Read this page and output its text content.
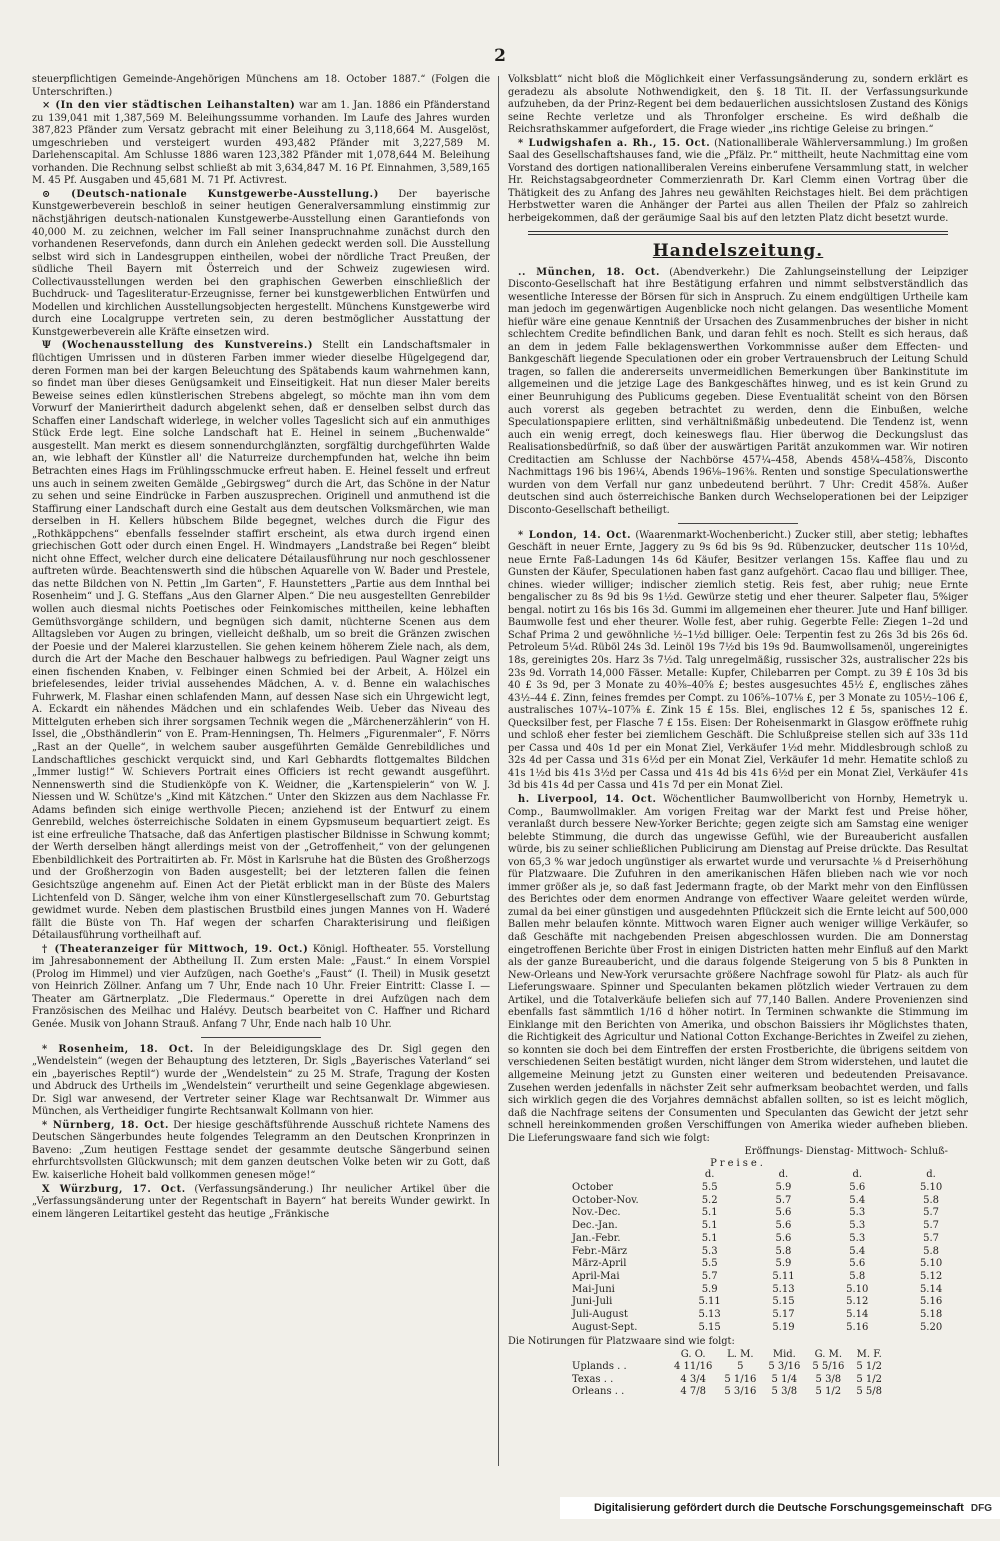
2

steuerpflichtigen Gemeinde-Angehörigen Münchens am 18. October 1887.“ (Folgen die Unterschriften.)

× (In den vier städtischen Leihanstalten) war am 1. Jan. 1886 ein Pfänderstand zu 139,041 mit 1,387,569 M. Beleihungssumme vorhanden. Im Laufe des Jahres wurden 387,823 Pfänder zum Versatz gebracht mit einer Beleihung zu 3,118,664 M. Ausgelöst, umgeschrieben und versteigert wurden 493,482 Pfänder mit 3,227,589 M. Darlehenscapital. Am Schlusse 1886 waren 123,382 Pfänder mit 1,078,644 M. Beleihung vorhanden. Die Rechnung selbst schließt ab mit 3,634,847 M. 16 Pf. Einnahmen, 3,589,165 M. 45 Pf. Ausgaben und 45,681 M. 71 Pf. Activrest.

⊙ (Deutsch-nationale Kunstgewerbe-Ausstellung.) Der bayerische Kunstgewerbeverein beschloß in seiner heutigen Generalversammlung einstimmig zur nächstjährigen deutsch-nationalen Kunstgewerbe-Ausstellung einen Garantiefonds von 40,000 M. zu zeichnen, welcher im Fall seiner Inanspruchnahme zunächst durch den vorhandenen Reservefonds, dann durch ein Anlehen gedeckt werden soll. Die Ausstellung selbst wird sich in Landesgruppen eintheilen, wobei der nördliche Tract Preußen, der südliche Theil Bayern mit Österreich und der Schweiz zugewiesen wird. Collectivausstellungen werden bei den graphischen Gewerben einschließlich der Buchdruck- und Tagesliteratur-Erzeugnisse, ferner bei kunstgewerblichen Entwürfen und Modellen und kirchlichen Ausstellungsobjecten hergestellt. Münchens Kunstgewerbe wird durch eine Localgruppe vertreten sein, zu deren bestmöglicher Ausstattung der Kunstgewerbeverein alle Kräfte einsetzen wird.

Ψ (Wochenausstellung des Kunstvereins.) Stellt ein Landschaftsmaler in flüchtigen Umrissen und in düsteren Farben immer wieder dieselbe Hügelgegend dar, deren Formen man bei der kargen Beleuchtung des Spätabends kaum wahrnehmen kann, so findet man über dieses Genügsamkeit und Einseitigkeit. Hat nun dieser Maler bereits Beweise seines edlen künstlerischen Strebens abgelegt, so möchte man ihn vom dem Vorwurf der Manierirtheit dadurch abgelenkt sehen, daß er denselben selbst durch das Schaffen einer Landschaft widerlege, in welcher volles Tageslicht sich auf ein anmuthiges Stück Erde legt. Eine solche Landschaft hat E. Heinel in seinem „Buchenwalde“ ausgestellt. Man merkt es diesem sonnendurchglänzten, sorgfältig durchgeführten Walde an, wie lebhaft der Künstler all' die Naturreize durchempfunden hat, welche ihn beim Betrachten eines Hags im Frühlingsschmucke erfreut haben. E. Heinel fesselt und erfreut uns auch in seinem zweiten Gemälde „Gebirgsweg“ durch die Art, das Schöne in der Natur zu sehen und seine Eindrücke in Farben auszusprechen. Originell und anmuthend ist die Staffirung einer Landschaft durch eine Gestalt aus dem deutschen Volksmärchen, wie man derselben in H. Kellers hübschem Bilde begegnet, welches durch die Figur des „Rothkäppchens“ ebenfalls fesselnder staffirt erscheint, als etwa durch irgend einen griechischen Gott oder durch einen Engel. H. Windmayers „Landstraße bei Regen“ bleibt nicht ohne Effect, welcher durch eine delicatere Détailausführung nur noch geschlossener auftreten würde. Beachtenswerth sind die hübschen Aquarelle von W. Bader und Prestele, das nette Bildchen von N. Pettin „Im Garten“, F. Haunstetters „Partie aus dem Innthal bei Rosenheim“ und J. G. Steffans „Aus den Glarner Alpen.“ Die neu ausgestellten Genrebilder wollen auch diesmal nichts Poetisches oder Feinkomisches mittheilen, keine lebhaften Gemüthsvorgänge schildern, und begnügen sich damit, nüchterne Scenen aus dem Alltagsleben vor Augen zu bringen, vielleicht deßhalb, um so breit die Gränzen zwischen der Poesie und der Malerei klarzustellen. Sie gehen keinem höherem Ziele nach, als dem, durch die Art der Mache den Beschauer halbwegs zu befriedigen. Paul Wagner zeigt uns einen fischenden Knaben, v. Felbinger einen Schmied bei der Arbeit, A. Hölzel ein briefelesendes, leider trivial aussehendes Mädchen, A. v. d. Benne ein walachisches Fuhrwerk, M. Flashar einen schlafenden Mann, auf dessen Nase sich ein Uhrgewicht legt, A. Eckardt ein nähendes Mädchen und ein schlafendes Weib. Ueber das Niveau des Mittelguten erheben sich ihrer sorgsamen Technik wegen die „Märchenerzählerin“ von H. Issel, die „Obsthändlerin“ von E. Pram-Henningsen, Th. Helmers „Figurenmaler“, F. Nörrs „Rast an der Quelle“, in welchem sauber ausgeführten Gemälde Genrebildliches und Landschaftliches geschickt verquickt sind, und Karl Gebhardts flottgemaltes Bildchen „Immer lustig!“ W. Schievers Portrait eines Officiers ist recht gewandt ausgeführt. Nennenswerth sind die Studienköpfe von K. Weidner, die „Kartenspielerin“ von W. J. Niessen und W. Schütze's „Kind mit Kätzchen.“ Unter den Skizzen aus dem Nachlasse Fr. Adams befinden sich einige werthvolle Piecen; anziehend ist der Entwurf zu einem Genrebild, welches österreichische Soldaten in einem Gypsmuseum bequartiert zeigt. Es ist eine erfreuliche Thatsache, daß das Anfertigen plastischer Bildnisse in Schwung kommt; der Werth derselben hängt allerdings meist von der „Getroffenheit,“ von der gelungenen Ebenbildlichkeit des Portraitirten ab. Fr. Möst in Karlsruhe hat die Büsten des Großherzogs und der Großherzogin von Baden ausgestellt; bei der letzteren fallen die feinen Gesichtszüge angenehm auf. Einen Act der Pietät erblickt man in der Büste des Malers Lichtenfeld von D. Sänger, welche ihm von einer Künstlergesellschaft zum 70. Geburtstag gewidmet wurde. Neben dem plastischen Brustbild eines jungen Mannes von H. Waderé fällt die Büste von Th. Haf wegen der scharfen Charakterisirung und fleißigen Détailausführung vortheilhaft auf.

† (Theateranzeiger für Mittwoch, 19. Oct.) Königl. Hoftheater. 55. Vorstellung im Jahresabonnement der Abtheilung II. Zum ersten Male: „Faust.“ In einem Vorspiel (Prolog im Himmel) und vier Aufzügen, nach Goethe's „Faust“ (I. Theil) in Musik gesetzt von Heinrich Zöllner. Anfang um 7 Uhr, Ende nach 10 Uhr. Freier Eintritt: Classe I. — Theater am Gärtnerplatz. „Die Fledermaus.“ Operette in drei Aufzügen nach dem Französischen des Meilhac und Halévy. Deutsch bearbeitet von C. Haffner und Richard Genée. Musik von Johann Strauß. Anfang 7 Uhr, Ende nach halb 10 Uhr.

* Rosenheim, 18. Oct. In der Beleidigungsklage des Dr. Sigl gegen den „Wendelstein“ (wegen der Behauptung des letzteren, Dr. Sigls „Bayerisches Vaterland“ sei ein „bayerisches Reptil“) wurde der „Wendelstein“ zu 25 M. Strafe, Tragung der Kosten und Abdruck des Urtheils im „Wendelstein“ verurtheilt und seine Gegenklage abgewiesen. Dr. Sigl war anwesend, der Vertreter seiner Klage war Rechtsanwalt Dr. Wimmer aus München, als Vertheidiger fungirte Rechtsanwalt Kollmann von hier.

* Nürnberg, 18. Oct. Der hiesige geschäftsführende Ausschuß richtete Namens des Deutschen Sängerbundes heute folgendes Telegramm an den Deutschen Kronprinzen in Baveno: „Zum heutigen Festtage sendet der gesammte deutsche Sängerbund seinen ehrfurchtsvollsten Glückwunsch; mit dem ganzen deutschen Volke beten wir zu Gott, daß Ew. kaiserliche Hoheit bald vollkommen genesen möge!“

X Würzburg, 17. Oct. (Verfassungsänderung.) Ihr neulicher Artikel über die „Verfassungsänderung unter der Regentschaft in Bayern“ hat bereits Wunder gewirkt. In einem längeren Leitartikel gesteht das heutige „Fränkische

Volksblatt“ nicht bloß die Möglichkeit einer Verfassungsänderung zu, sondern erklärt es geradezu als absolute Nothwendigkeit, den §. 18 Tit. II. der Verfassungsurkunde aufzuheben, da der Prinz-Regent bei dem bedauerlichen aussichtslosen Zustand des Königs seine Rechte verletze und als Thronfolger erscheine. Es wird deßhalb die Reichsrathskammer aufgefordert, die Frage wieder „ins richtige Geleise zu bringen.“

* Ludwigshafen a. Rh., 15. Oct. (Nationalliberale Wählerversammlung.) Im großen Saal des Gesellschaftshauses fand, wie die „Pfälz. Pr.“ mittheilt, heute Nachmittag eine vom Vorstand des dortigen nationalliberalen Vereins einberufene Versammlung statt, in welcher Hr. Reichstagsabgeordneter Commerzienrath Dr. Karl Clemm einen Vortrag über die Thätigkeit des zu Anfang des Jahres neu gewählten Reichstages hielt. Bei dem prächtigen Herbstwetter waren die Anhänger der Partei aus allen Theilen der Pfalz so zahlreich herbeigekommen, daß der geräumige Saal bis auf den letzten Platz dicht besetzt wurde.

Handelszeitung.

.. München, 18. Oct. (Abendverkehr.) Die Zahlungseinstellung der Leipziger Disconto-Gesellschaft hat ihre Bestätigung erfahren und nimmt selbstverständlich das wesentliche Interesse der Börsen für sich in Anspruch. Zu einem endgültigen Urtheile kam man jedoch im gegenwärtigen Augenblicke noch nicht gelangen. Das wesentliche Moment hiefür wäre eine genaue Kenntniß der Ursachen des Zusammenbruches der bisher in nicht schlechtem Credite befindlichen Bank, und daran fehlt es noch. Stellt es sich heraus, daß an dem in jedem Falle beklagenswerthen Vorkommnisse außer dem Effecten- und Bankgeschäft liegende Speculationen oder ein grober Vertrauensbruch der Leitung Schuld tragen, so fallen die andererseits unvermeidlichen Bemerkungen über Bankinstitute im allgemeinen und die jetzige Lage des Bankgeschäftes hinweg, und es ist kein Grund zu einer Beunruhigung des Publicums gegeben. Diese Eventualität scheint von den Börsen auch vorerst als gegeben betrachtet zu werden, denn die Einbußen, welche Speculationspapiere erlitten, sind verhältnißmäßig unbedeutend. Die Tendenz ist, wenn auch ein wenig erregt, doch keineswegs flau. Hier überwog die Deckungslust das Realisationsbedürfniß, so daß über der auswärtigen Parität anzukommen war. Wir notiren Creditactien am Schlusse der Nachbörse 457¼–458, Abends 458¼–458⅞, Disconto Nachmittags 196 bis 196¼, Abends 196⅛–196⅜. Renten und sonstige Speculationswerthe wurden von dem Verfall nur ganz unbedeutend berührt. 7 Uhr: Credit 458⅞. Außer deutschen sind auch österreichische Banken durch Wechseloperationen bei der Leipziger Disconto-Gesellschaft betheiligt.

* London, 14. Oct. (Waarenmarkt-Wochenbericht.) Zucker still, aber stetig; lebhaftes Geschäft in neuer Ernte, Jaggery zu 9s 6d bis 9s 9d. Rübenzucker, deutscher 11s 10½d, neue Ernte Faß-Ladungen 14s 6d Käufer, Besitzer verlangen 15s. Kaffee flau und zu Gunsten der Käufer, Speculationen haben fast ganz aufgehört. Cacao flau und billiger. Thee, chines. wieder williger; indischer ziemlich stetig. Reis fest, aber ruhig; neue Ernte bengalischer zu 8s 9d bis 9s 1½d. Gewürze stetig und eher theurer. Salpeter flau, 5%iger bengal. notirt zu 16s bis 16s 3d. Gummi im allgemeinen eher theurer. Jute und Hanf billiger. Baumwolle fest und eher theurer. Wolle fest, aber ruhig. Gegerbte Felle: Ziegen 1–2d und Schaf Prima 2 und gewöhnliche ½–1½d billiger. Oele: Terpentin fest zu 26s 3d bis 26s 6d. Petroleum 5¼d. Rüböl 24s 3d. Leinöl 19s 7½d bis 19s 9d. Baumwollsamenöl, ungereinigtes 18s, gereinigtes 20s. Harz 3s 7½d. Talg unregelmäßig, russischer 32s, australischer 22s bis 23s 9d. Vorrath 14,000 Fässer. Metalle: Kupfer, Chilebarren per Compt. zu 39 £ 10s 3d bis 40 £ 3s 9d, per 3 Monate zu 40⅜–40⅝ £; bestes ausgesuchtes 45½ £, englisches zähes 43½–44 £. Zinn, feines fremdes per Compt. zu 106⅝–107⅛ £, per 3 Monate zu 105½–106 £, australisches 107¼–107⅝ £. Zink 15 £ 15s. Blei, englisches 12 £ 5s, spanisches 12 £. Quecksilber fest, per Flasche 7 £ 15s. Eisen: Der Roheisenmarkt in Glasgow eröffnete ruhig und schloß eher fester bei ziemlichem Geschäft. Die Schlußpreise stellen sich auf 33s 11d per Cassa und 40s 1d per ein Monat Ziel, Verkäufer 1½d mehr. Middlesbrough schloß zu 32s 4d per Cassa und 31s 6½d per ein Monat Ziel, Verkäufer 1d mehr. Hematite schloß zu 41s 1½d bis 41s 3½d per Cassa und 41s 4d bis 41s 6½d per ein Monat Ziel, Verkäufer 41s 3d bis 41s 4d per Cassa und 41s 7d per ein Monat Ziel.

h. Liverpool, 14. Oct. Wöchentlicher Baumwollbericht von Hornby, Hemetryk u. Comp., Baumwollmakler. Am vorigen Freitag war der Markt fest und Preise höher, veranlaßt durch bessere New-Yorker Berichte; gegen zeigte sich am Samstag eine weniger belebte Stimmung, die durch das ungewisse Gefühl, wie der Bureaubericht ausfallen würde, bis zu seiner schließlichen Publicirung am Dienstag auf Preise drückte. Das Resultat von 65,3 % war jedoch ungünstiger als erwartet wurde und verursachte ⅛ d Preiserhöhung für Platzwaare. Die Zufuhren in den amerikanischen Häfen blieben nach wie vor noch immer größer als je, so daß fast Jedermann fragte, ob der Markt mehr von den Einflüssen des Berichtes oder dem enormen Andrange von effectiver Waare geleitet werden würde, zumal da bei einer günstigen und ausgedehnten Pflückzeit sich die Ernte leicht auf 500,000 Ballen mehr belaufen könnte. Mittwoch waren Eigner auch weniger willige Verkäufer, so daß Geschäfte mit nachgebenden Preisen abgeschlossen wurden. Die am Donnerstag eingetroffenen Berichte über Frost in einigen Districten hatten mehr Einfluß auf den Markt als der ganze Bureaubericht, und die daraus folgende Steigerung von 5 bis 8 Punkten in New-Orleans und New-York verursachte größere Nachfrage sowohl für Platz- als auch für Lieferungswaare. Spinner und Speculanten bekamen plötzlich wieder Vertrauen zu dem Artikel, und die Totalverkäufe beliefen sich auf 77,140 Ballen. Andere Provenienzen sind ebenfalls fast sämmtlich 1/16 d höher notirt. In Terminen schwankte die Stimmung im Einklange mit den Berichten von Amerika, und obschon Baissiers ihr Möglichstes thaten, die Richtigkeit des Agricultur und National Cotton Exchange-Berichtes in Zweifel zu ziehen, so konnten sie doch bei dem Eintreffen der ersten Frostberichte, die übrigens seitdem von verschiedenen Seiten bestätigt wurden, nicht länger dem Strom widerstehen, und lautet die allgemeine Meinung jetzt zu Gunsten einer weiteren und bedeutenden Preisavance. Zusehen werden jedenfalls in nächster Zeit sehr aufmerksam beobachtet werden, und falls sich wirklich gegen die des Vorjahres demnächst abfallen sollten, so ist es leicht möglich, daß die Nachfrage seitens der Consumenten und Speculanten das Gewicht der jetzt sehr schnell hereinkommenden großen Verschiffungen von Amerika wieder aufheben blieben. Die Lieferungswaare fand sich wie folgt:

Eröffnungs- Dienstag- Mittwoch- Schluß-
Preise.
	d.	d.	d.	d.
October	5.5	5.9	5.6	5.10
October-Nov.	5.2	5.7	5.4	5.8
Nov.-Dec.	5.1	5.6	5.3	5.7
Dec.-Jan.	5.1	5.6	5.3	5.7
Jan.-Febr.	5.1	5.6	5.3	5.7
Febr.-März	5.3	5.8	5.4	5.8
März-April	5.5	5.9	5.6	5.10
April-Mai	5.7	5.11	5.8	5.12
Mai-Juni	5.9	5.13	5.10	5.14
Juni-Juli	5.11	5.15	5.12	5.16
Juli-August	5.13	5.17	5.14	5.18
August-Sept.	5.15	5.19	5.16	5.20
Die Notirungen für Platzwaare sind wie folgt:
	G. O.	L. M.	Mid.	G. M.	M. F.
Uplands . .	4 11/16	5	5 3/16	5 5/16	5 1/2
Texas . .	4 3/4	5 1/16	5 1/4	5 3/8	5 1/2
Orleans . .	4 7/8	5 3/16	5 3/8	5 1/2	5 5/8
Digitalisierung gefördert durch die Deutsche Forschungsgemeinschaft DFG
